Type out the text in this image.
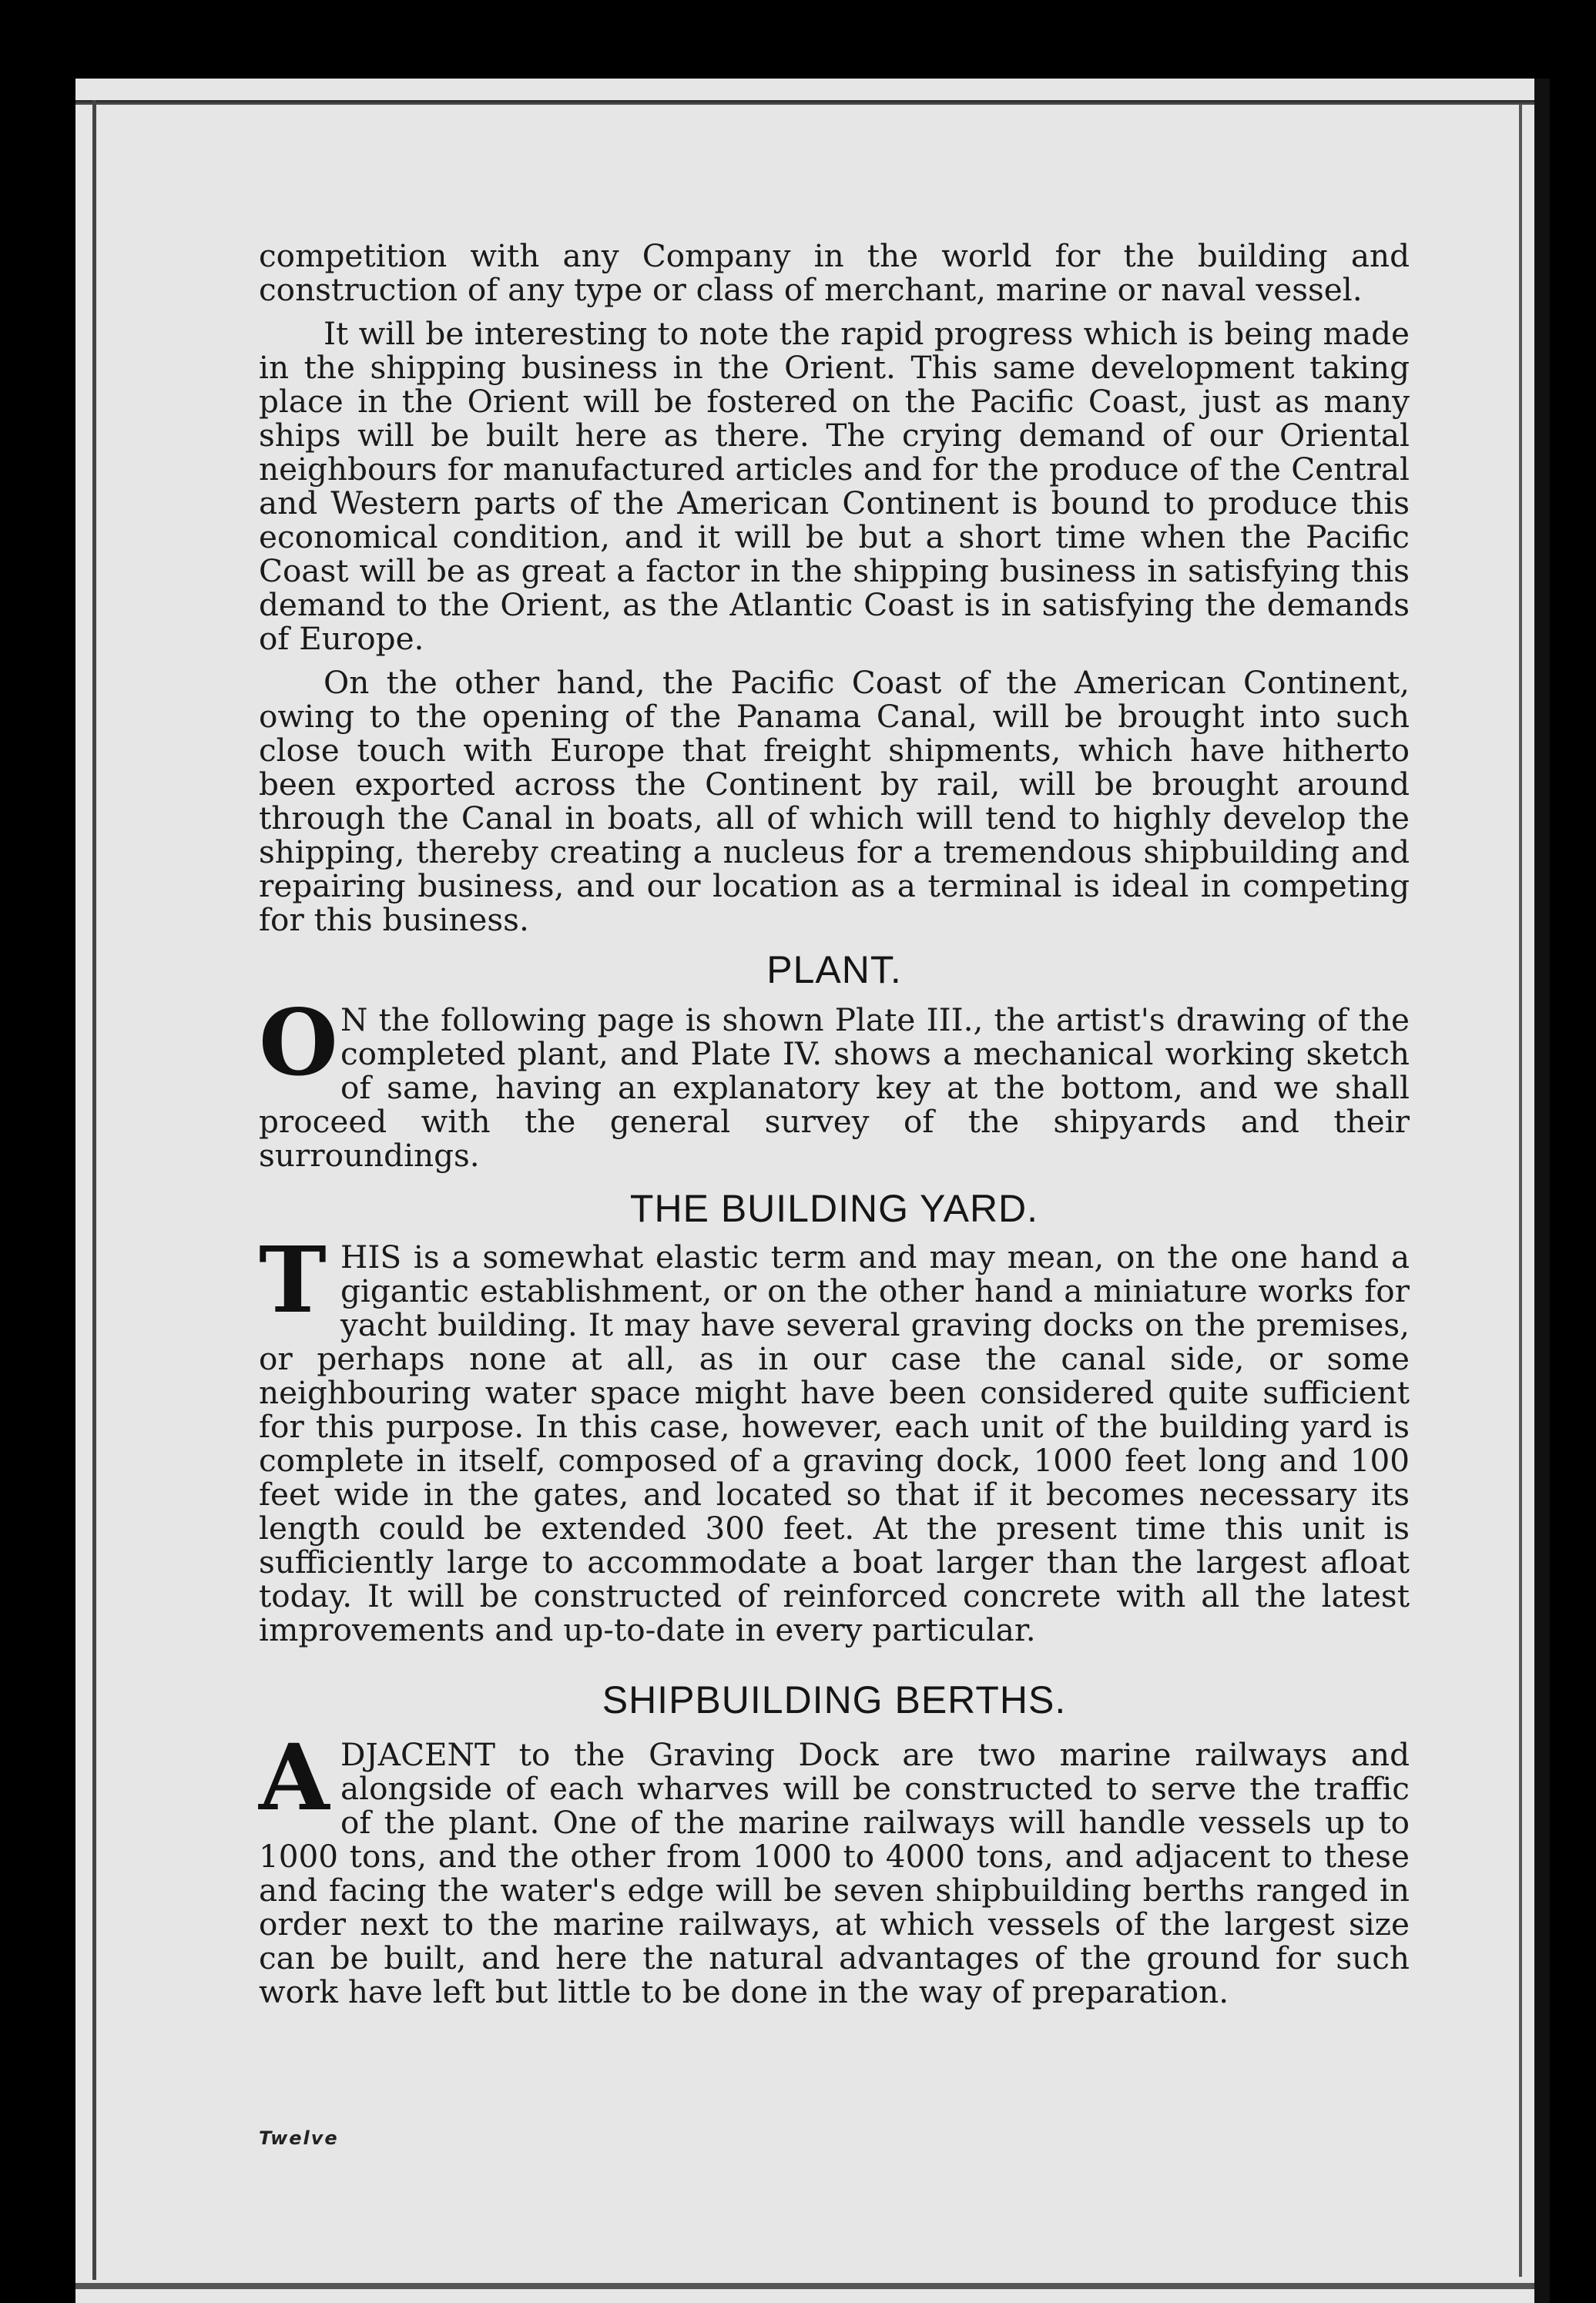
competition with any Company in the world for the building and construction of any type or class of merchant, marine or naval vessel.

It will be interesting to note the rapid progress which is being made in the shipping business in the Orient. This same development taking place in the Orient will be fostered on the Pacific Coast, just as many ships will be built here as there. The crying demand of our Oriental neighbours for manufactured articles and for the produce of the Central and Western parts of the American Continent is bound to produce this economical condition, and it will be but a short time when the Pacific Coast will be as great a factor in the shipping business in satisfying this demand to the Orient, as the Atlantic Coast is in satisfying the demands of Europe.

On the other hand, the Pacific Coast of the American Continent, owing to the opening of the Panama Canal, will be brought into such close touch with Europe that freight shipments, which have hitherto been exported across the Continent by rail, will be brought around through the Canal in boats, all of which will tend to highly develop the shipping, thereby creating a nucleus for a tremendous shipbuilding and repairing business, and our location as a terminal is ideal in competing for this business.

PLANT.

O N the following page is shown Plate III., the artist's drawing of the completed plant, and Plate IV. shows a mechanical working sketch of same, having an explanatory key at the bottom, and we shall proceed with the general survey of the shipyards and their surroundings.

THE BUILDING YARD.

THIS is a somewhat elastic term and may mean, on the one hand a gigantic establishment, or on the other hand a miniature works for yacht building. It may have several graving docks on the premises, or perhaps none at all, as in our case the canal side, or some neighbouring water space might have been considered quite sufficient for this purpose. In this case, however, each unit of the building yard is complete in itself, composed of a graving dock, 1000 feet long and 100 feet wide in the gates, and located so that if it becomes necessary its length could be extended 300 feet. At the present time this unit is sufficiently large to accommodate a boat larger than the largest afloat today. It will be constructed of reinforced concrete with all the latest improvements and up-to-date in every particular.

SHIPBUILDING BERTHS.

ADJACENT to the Graving Dock are two marine railways and alongside of each wharves will be constructed to serve the traffic of the plant. One of the marine railways will handle vessels up to 1000 tons, and the other from 1000 to 4000 tons, and adjacent to these and facing the water's edge will be seven shipbuilding berths ranged in order next to the marine railways, at which vessels of the largest size can be built, and here the natural advantages of the ground for such work have left but little to be done in the way of preparation.

Twelve
